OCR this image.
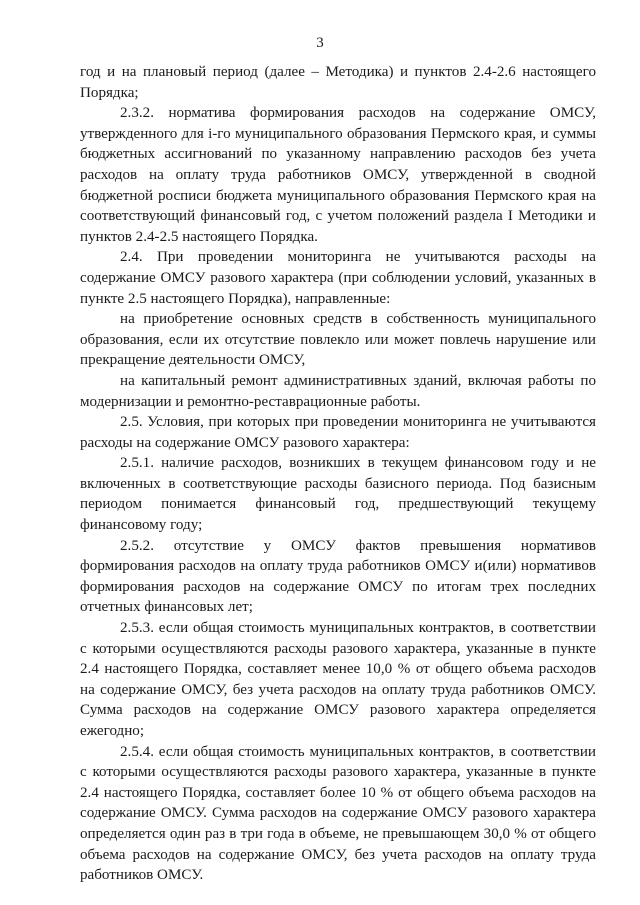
3

год и на плановый период (далее – Методика) и пунктов 2.4-2.6 настоящего Порядка;

2.3.2. норматива формирования расходов на содержание ОМСУ, утвержденного для i-го муниципального образования Пермского края, и суммы бюджетных ассигнований по указанному направлению расходов без учета расходов на оплату труда работников ОМСУ, утвержденной в сводной бюджетной росписи бюджета муниципального образования Пермского края на соответствующий финансовый год, с учетом положений раздела I Методики и пунктов 2.4-2.5 настоящего Порядка.

2.4. При проведении мониторинга не учитываются расходы на содержание ОМСУ разового характера (при соблюдении условий, указанных в пункте 2.5 настоящего Порядка), направленные:

на приобретение основных средств в собственность муниципального образования, если их отсутствие повлекло или может повлечь нарушение или прекращение деятельности ОМСУ,

на капитальный ремонт административных зданий, включая работы по модернизации и ремонтно-реставрационные работы.

2.5. Условия, при которых при проведении мониторинга не учитываются расходы на содержание ОМСУ разового характера:

2.5.1. наличие расходов, возникших в текущем финансовом году и не включенных в соответствующие расходы базисного периода. Под базисным периодом понимается финансовый год, предшествующий текущему финансовому году;

2.5.2. отсутствие у ОМСУ фактов превышения нормативов формирования расходов на оплату труда работников ОМСУ и(или) нормативов формирования расходов на содержание ОМСУ по итогам трех последних отчетных финансовых лет;

2.5.3. если общая стоимость муниципальных контрактов, в соответствии с которыми осуществляются расходы разового характера, указанные в пункте 2.4 настоящего Порядка, составляет менее 10,0 % от общего объема расходов на содержание ОМСУ, без учета расходов на оплату труда работников ОМСУ. Сумма расходов на содержание ОМСУ разового характера определяется ежегодно;

2.5.4. если общая стоимость муниципальных контрактов, в соответствии с которыми осуществляются расходы разового характера, указанные в пункте 2.4 настоящего Порядка, составляет более 10 % от общего объема расходов на содержание ОМСУ. Сумма расходов на содержание ОМСУ разового характера определяется один раз в три года в объеме, не превышающем 30,0 % от общего объема расходов на содержание ОМСУ, без учета расходов на оплату труда работников ОМСУ.
